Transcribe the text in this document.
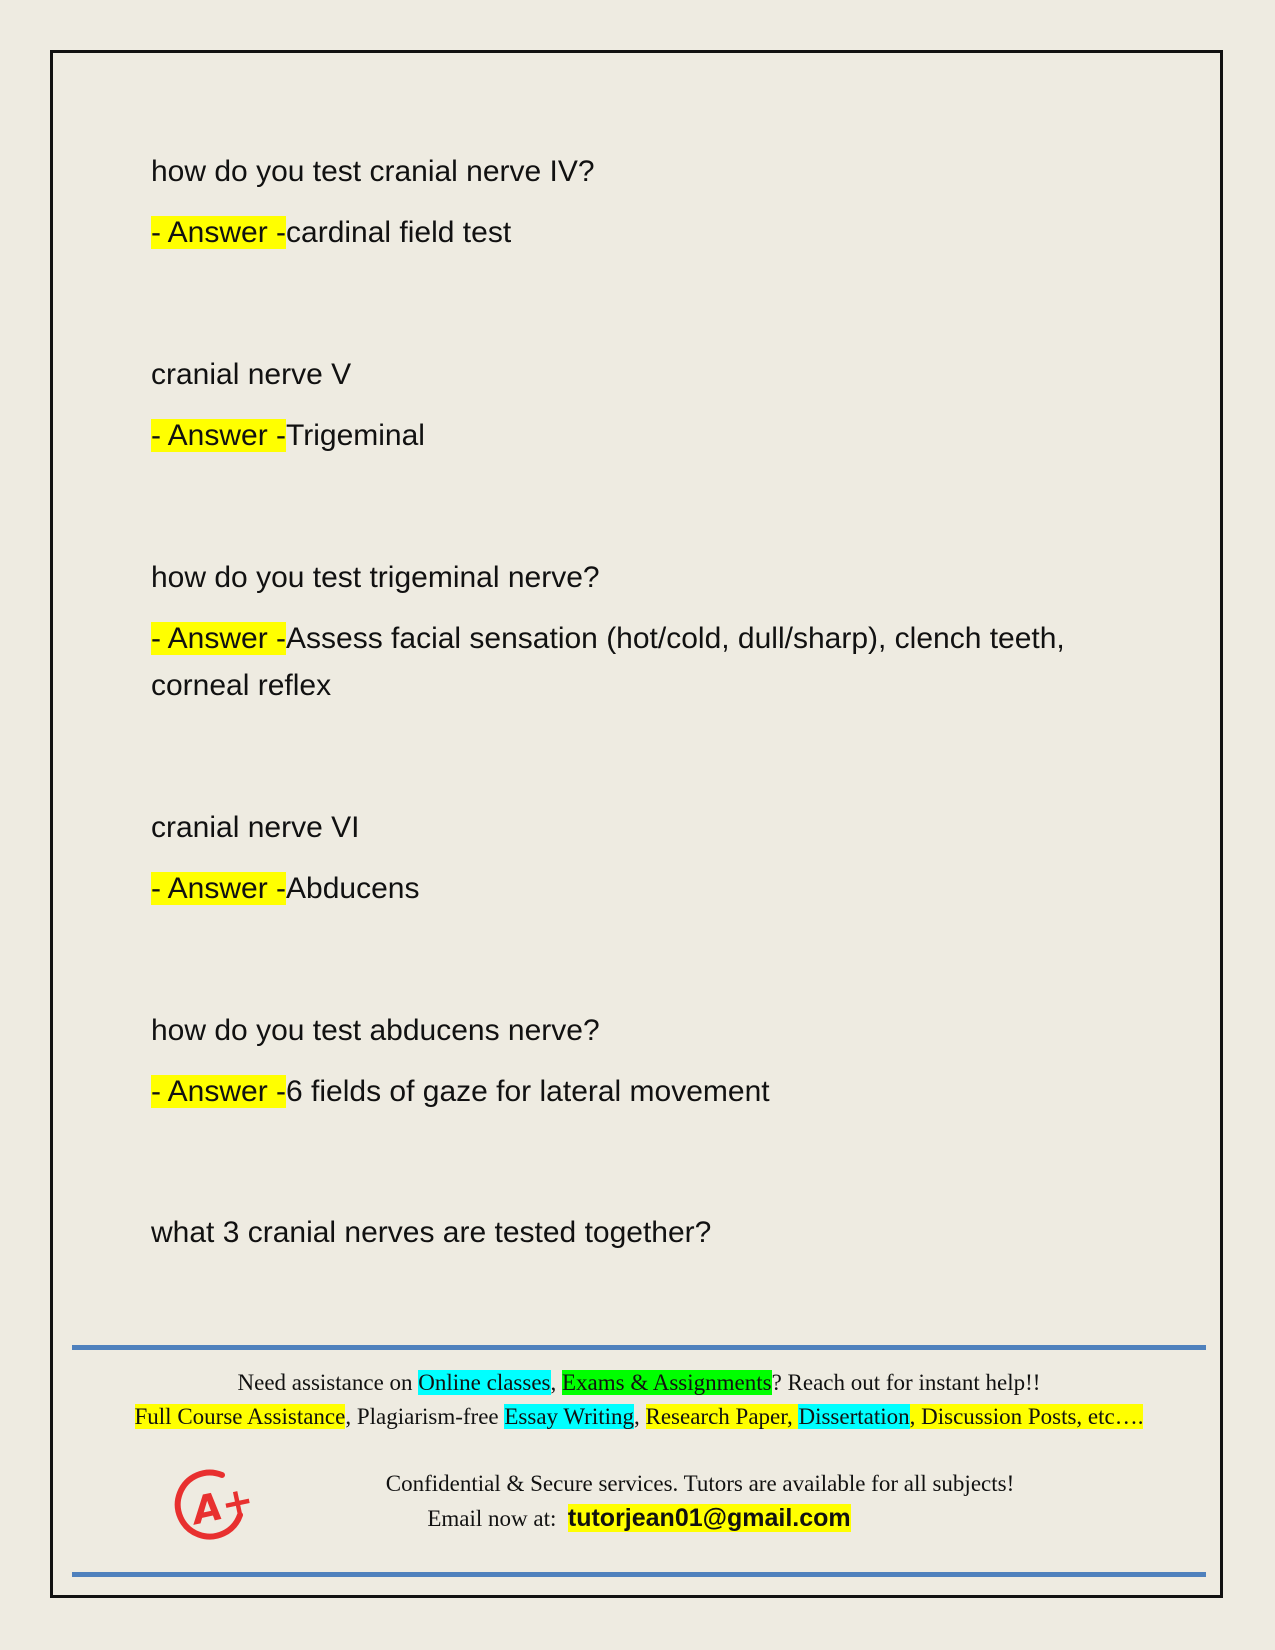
how do you test cranial nerve IV?

- Answer -cardinal field test

cranial nerve V

- Answer -Trigeminal

how do you test trigeminal nerve?

- Answer -Assess facial sensation (hot/cold, dull/sharp), clench teeth, corneal reflex

cranial nerve VI

- Answer -Abducens

how do you test abducens nerve?

- Answer -6 fields of gaze for lateral movement

what 3 cranial nerves are tested together?

Need assistance on Online classes, Exams & Assignments? Reach out for instant help!!
Full Course Assistance, Plagiarism-free Essay Writing, Research Paper, Dissertation, Discussion Posts, etc….
A+	Confidential & Secure services. Tutors are available for all subjects!
Email now at: tutorjean01@gmail.com
